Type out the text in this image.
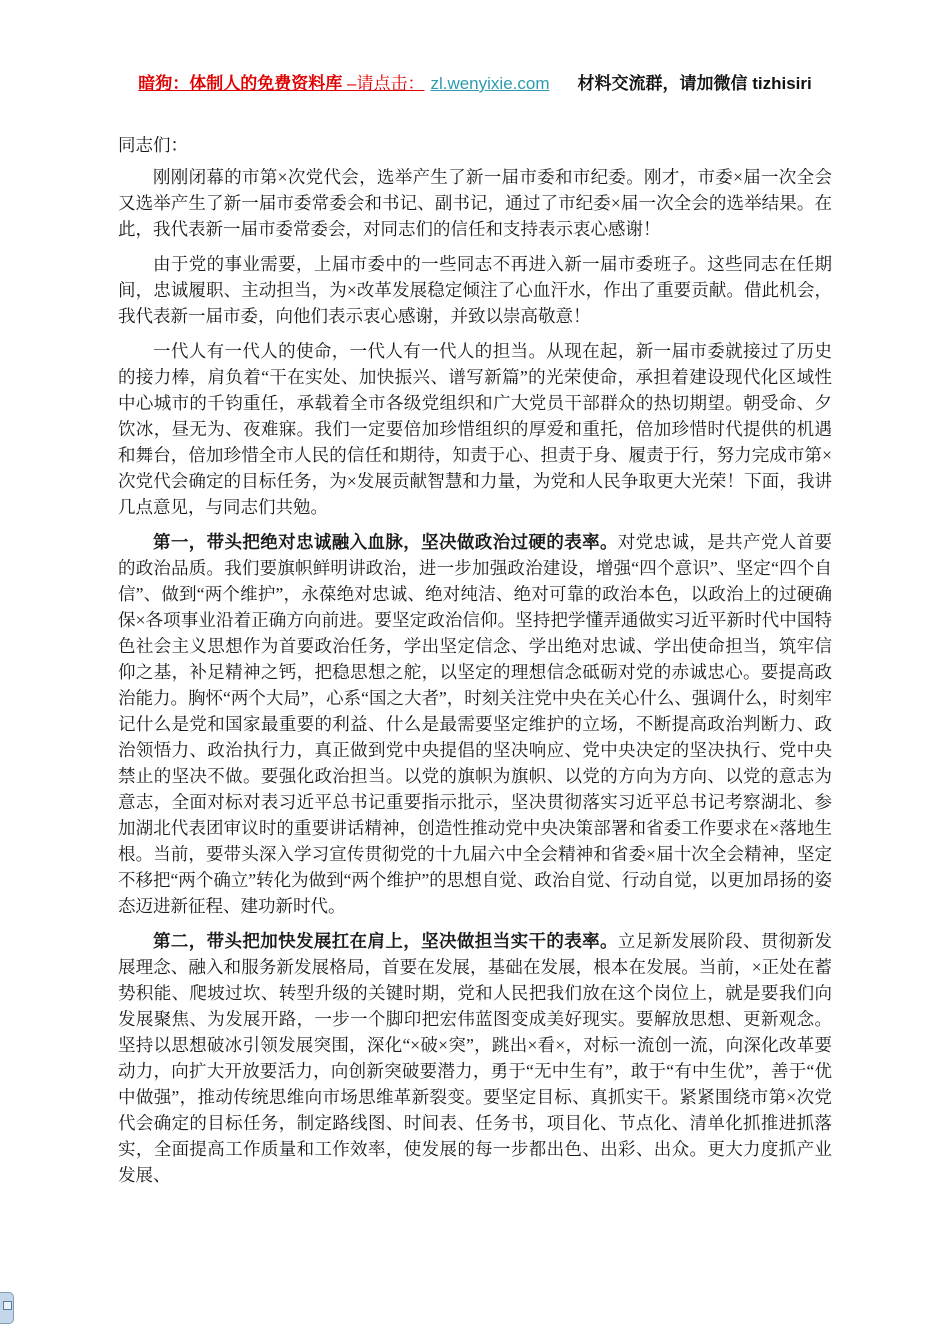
暗狗：体制人的免费资料库 –请点击： zl.wenyixie.com 材料交流群，请加微信 tizhisiri

同志们：

刚刚闭幕的市第×次党代会，选举产生了新一届市委和市纪委。刚才，市委×届一次全会又选举产生了新一届市委常委会和书记、副书记，通过了市纪委×届一次全会的选举结果。在此，我代表新一届市委常委会，对同志们的信任和支持表示衷心感谢！

由于党的事业需要，上届市委中的一些同志不再进入新一届市委班子。这些同志在任期间，忠诚履职、主动担当，为×改革发展稳定倾注了心血汗水，作出了重要贡献。借此机会，我代表新一届市委，向他们表示衷心感谢，并致以崇高敬意！

一代人有一代人的使命，一代人有一代人的担当。从现在起，新一届市委就接过了历史的接力棒，肩负着“干在实处、加快振兴、谱写新篇”的光荣使命，承担着建设现代化区域性中心城市的千钧重任，承载着全市各级党组织和广大党员干部群众的热切期望。朝受命、夕饮冰，昼无为、夜难寐。我们一定要倍加珍惜组织的厚爱和重托，倍加珍惜时代提供的机遇和舞台，倍加珍惜全市人民的信任和期待，知责于心、担责于身、履责于行，努力完成市第×次党代会确定的目标任务，为×发展贡献智慧和力量，为党和人民争取更大光荣！下面，我讲几点意见，与同志们共勉。

第一，带头把绝对忠诚融入血脉，坚决做政治过硬的表率。对党忠诚，是共产党人首要的政治品质。我们要旗帜鲜明讲政治，进一步加强政治建设，增强“四个意识”、坚定“四个自信”、做到“两个维护”，永葆绝对忠诚、绝对纯洁、绝对可靠的政治本色，以政治上的过硬确保×各项事业沿着正确方向前进。要坚定政治信仰。坚持把学懂弄通做实习近平新时代中国特色社会主义思想作为首要政治任务，学出坚定信念、学出绝对忠诚、学出使命担当，筑牢信仰之基，补足精神之钙，把稳思想之舵，以坚定的理想信念砥砺对党的赤诚忠心。要提高政治能力。胸怀“两个大局”，心系“国之大者”，时刻关注党中央在关心什么、强调什么，时刻牢记什么是党和国家最重要的利益、什么是最需要坚定维护的立场，不断提高政治判断力、政治领悟力、政治执行力，真正做到党中央提倡的坚决响应、党中央决定的坚决执行、党中央禁止的坚决不做。要强化政治担当。以党的旗帜为旗帜、以党的方向为方向、以党的意志为意志，全面对标对表习近平总书记重要指示批示，坚决贯彻落实习近平总书记考察湖北、参加湖北代表团审议时的重要讲话精神，创造性推动党中央决策部署和省委工作要求在×落地生根。当前，要带头深入学习宣传贯彻党的十九届六中全会精神和省委×届十次全会精神，坚定不移把“两个确立”转化为做到“两个维护”的思想自觉、政治自觉、行动自觉，以更加昂扬的姿态迈进新征程、建功新时代。

第二，带头把加快发展扛在肩上，坚决做担当实干的表率。立足新发展阶段、贯彻新发展理念、融入和服务新发展格局，首要在发展，基础在发展，根本在发展。当前，×正处在蓄势积能、爬坡过坎、转型升级的关键时期，党和人民把我们放在这个岗位上，就是要我们向发展聚焦、为发展开路，一步一个脚印把宏伟蓝图变成美好现实。要解放思想、更新观念。坚持以思想破冰引领发展突围，深化“×破×突”，跳出×看×，对标一流创一流，向深化改革要动力，向扩大开放要活力，向创新突破要潜力，勇于“无中生有”，敢于“有中生优”，善于“优中做强”，推动传统思维向市场思维革新裂变。要坚定目标、真抓实干。紧紧围绕市第×次党代会确定的目标任务，制定路线图、时间表、任务书，项目化、节点化、清单化抓推进抓落实，全面提高工作质量和工作效率，使发展的每一步都出色、出彩、出众。更大力度抓产业发展、
